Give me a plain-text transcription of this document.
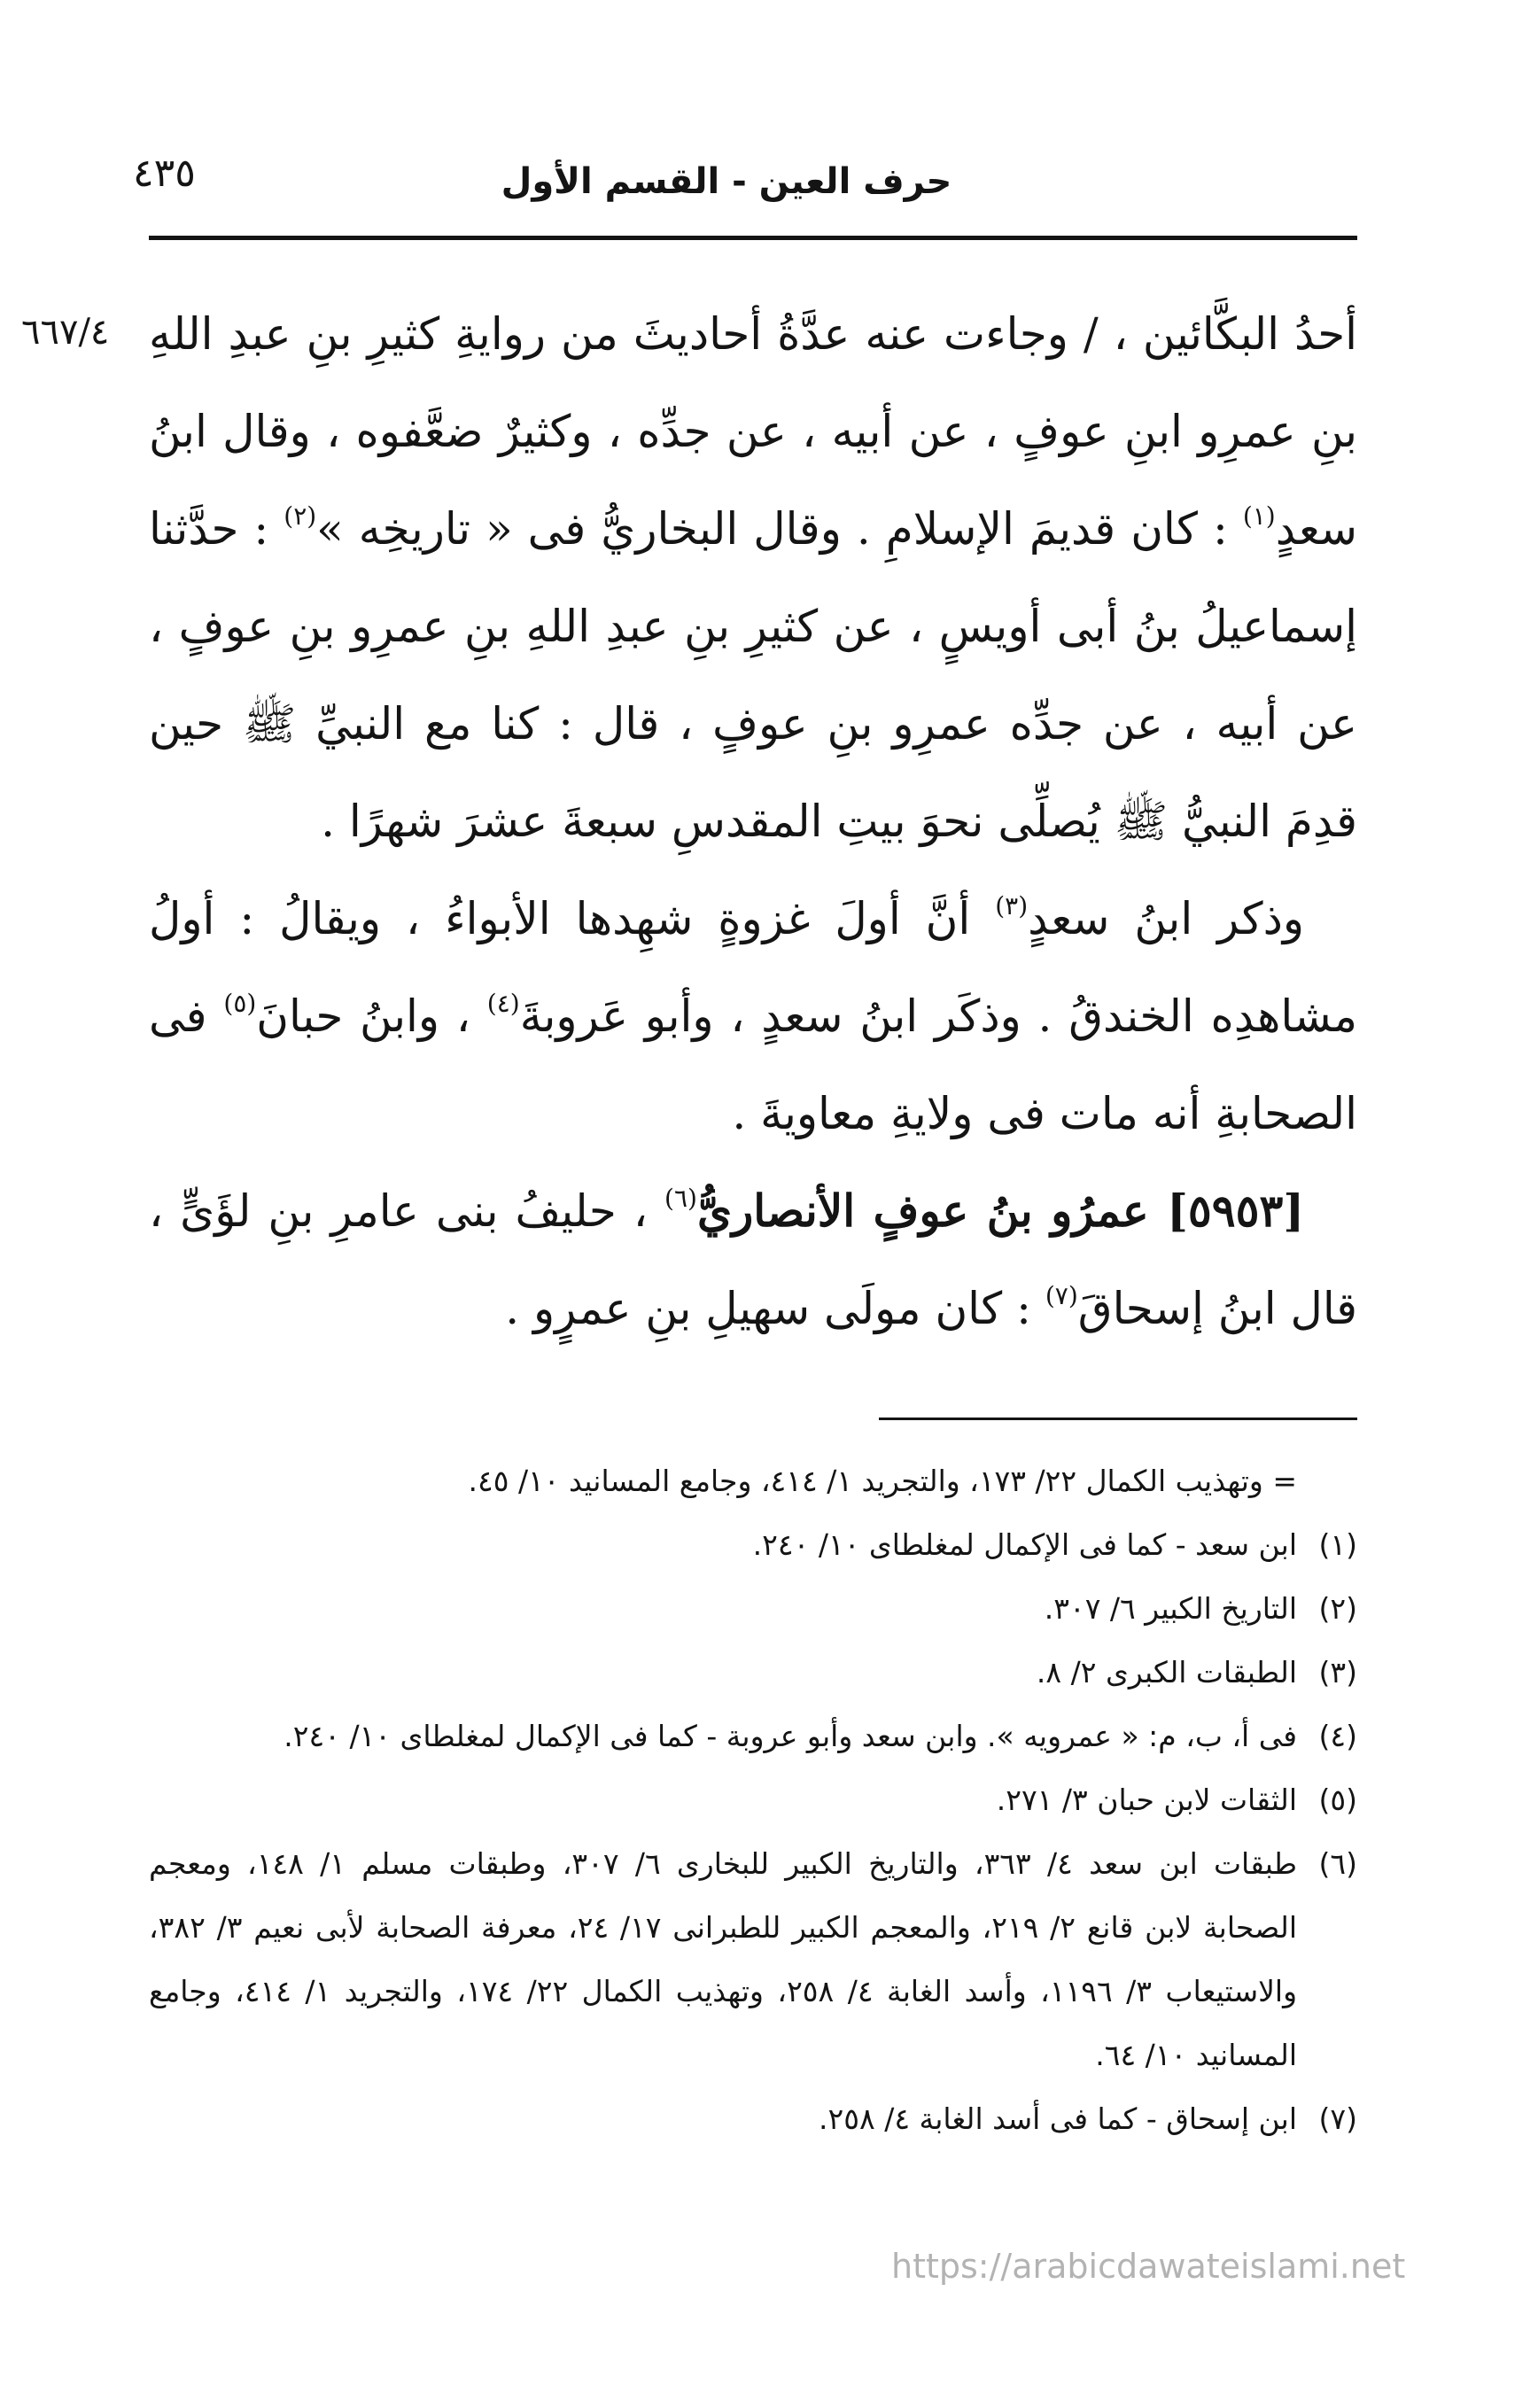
حرف العين - القسم الأول
٤٣٥
٦٦٧/٤ أحدُ البكَّائين ، / وجاءت عنه عدَّةُ أحاديثَ من روايةِ كثيرِ بنِ عبدِ اللهِ بنِ عمرِو ابنِ عوفٍ ، عن أبيه ، عن جدِّه ، وكثيرٌ ضعَّفوه ، وقال ابنُ سعدٍ$^{(١)}$ : كان قديمَ الإسلامِ . وقال البخاريُّ فى « تاريخِه »$^{(٢)}$ : حدَّثنا إسماعيلُ بنُ أبى أويسٍ ، عن كثيرِ بنِ عبدِ اللهِ بنِ عمرِو بنِ عوفٍ ، عن أبيه ، عن جدِّه عمرِو بنِ عوفٍ ، قال : كنا مع النبيِّ ﷺ حين قدِمَ النبيُّ ﷺ يُصلِّى نحوَ بيتِ المقدسِ سبعةَ عشرَ شهرًا .

وذكر ابنُ سعدٍ$^{(٣)}$ أنَّ أولَ غزوةٍ شهِدها الأبواءُ ، ويقالُ : أولُ مشاهدِه الخندقُ . وذكَر ابنُ سعدٍ ، وأبو عَروبةَ$^{(٤)}$ ، وابنُ حبانَ$^{(٥)}$ فى الصحابةِ أنه مات فى ولايةِ معاويةَ .

[٥٩٥٣] عمرُو بنُ عوفٍ الأنصاريُّ$^{(٦)}$ ، حليفُ بنى عامرِ بنِ لؤَىٍّ ، قال ابنُ إسحاقَ$^{(٧)}$ : كان مولَى سهيلِ بنِ عمرٍو .

= وتهذيب الكمال ٢٢/ ١٧٣، والتجريد ١/ ٤١٤، وجامع المسانيد ١٠/ ٤٥.

(١)
ابن سعد - كما فى الإكمال لمغلطاى ١٠/ ٢٤٠.
(٢)
التاريخ الكبير ٦/ ٣٠٧.
(٣)
الطبقات الكبرى ٢/ ٨.
(٤)
فى أ، ب، م: « عمرويه ». وابن سعد وأبو عروبة - كما فى الإكمال لمغلطاى ١٠/ ٢٤٠.
(٥)
الثقات لابن حبان ٣/ ٢٧١.
(٦)
طبقات ابن سعد ٤/ ٣٦٣، والتاريخ الكبير للبخارى ٦/ ٣٠٧، وطبقات مسلم ١/ ١٤٨، ومعجم الصحابة لابن قانع ٢/ ٢١٩، والمعجم الكبير للطبرانى ١٧/ ٢٤، معرفة الصحابة لأبى نعيم ٣/ ٣٨٢، والاستيعاب ٣/ ١١٩٦، وأسد الغابة ٤/ ٢٥٨، وتهذيب الكمال ٢٢/ ١٧٤، والتجريد ١/ ٤١٤، وجامع المسانيد ١٠/ ٦٤.
(٧)
ابن إسحاق - كما فى أسد الغابة ٤/ ٢٥٨.
https://arabicdawateislami.net
